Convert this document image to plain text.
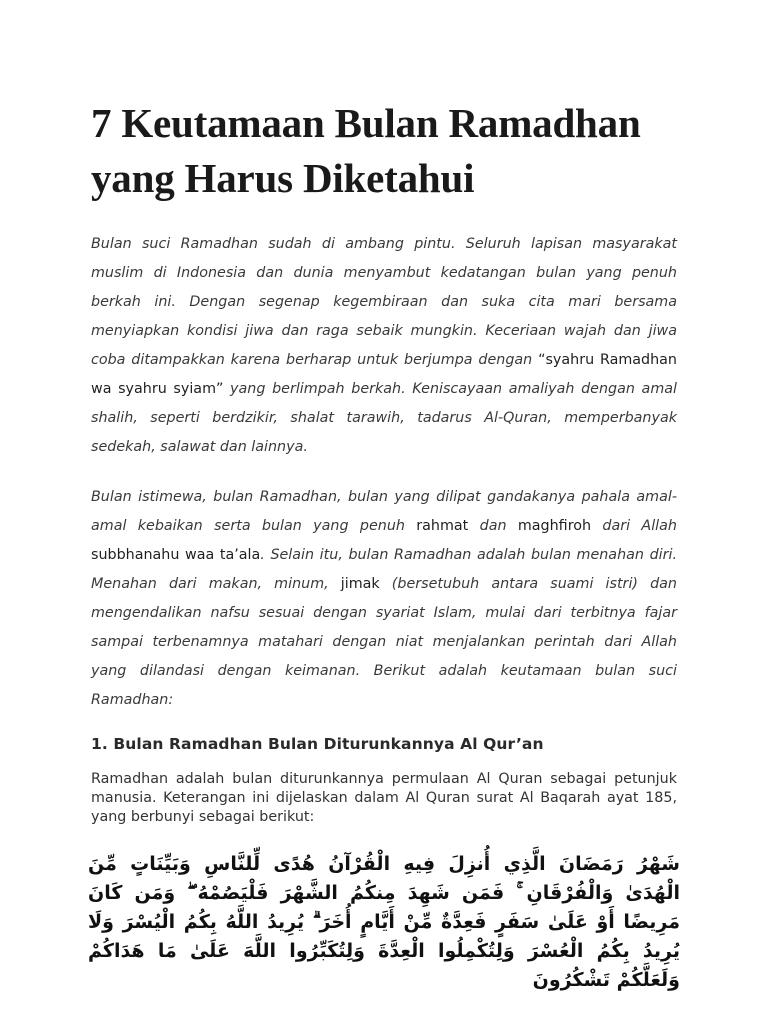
7 Keutamaan Bulan Ramadhan yang Harus Diketahui

Bulan suci Ramadhan sudah di ambang pintu. Seluruh lapisan masyarakat muslim di Indonesia dan dunia menyambut kedatangan bulan yang penuh berkah ini. Dengan segenap kegembiraan dan suka cita mari bersama menyiapkan kondisi jiwa dan raga sebaik mungkin. Keceriaan wajah dan jiwa coba ditampakkan karena berharap untuk berjumpa dengan “syahru Ramadhan wa syahru syiam” yang berlimpah berkah. Keniscayaan amaliyah dengan amal shalih, seperti berdzikir, shalat tarawih, tadarus Al-Quran, memperbanyak sedekah, salawat dan lainnya.

Bulan istimewa, bulan Ramadhan, bulan yang dilipat gandakanya pahala amal-amal kebaikan serta bulan yang penuh rahmat dan maghfiroh dari Allah subbhanahu waa ta’ala. Selain itu, bulan Ramadhan adalah bulan menahan diri. Menahan dari makan, minum, jimak (bersetubuh antara suami istri) dan mengendalikan nafsu sesuai dengan syariat Islam, mulai dari terbitnya fajar sampai terbenamnya matahari dengan niat menjalankan perintah dari Allah yang dilandasi dengan keimanan. Berikut adalah keutamaan bulan suci Ramadhan:

1. Bulan Ramadhan Bulan Diturunkannya Al Qur’an

Ramadhan adalah bulan diturunkannya permulaan Al Quran sebagai petunjuk manusia. Keterangan ini dijelaskan dalam Al Quran surat Al Baqarah ayat 185, yang berbunyi sebagai berikut:

شَهْرُ رَمَضَانَ الَّذِي أُنزِلَ فِيهِ الْقُرْآنُ هُدًى لِّلنَّاسِ وَبَيِّنَاتٍ مِّنَ الْهُدَىٰ وَالْفُرْقَانِ ۚ فَمَن شَهِدَ مِنكُمُ الشَّهْرَ فَلْيَصُمْهُ ۖ وَمَن كَانَ مَرِيضًا أَوْ عَلَىٰ سَفَرٍ فَعِدَّةٌ مِّنْ أَيَّامٍ أُخَرَ ۗ يُرِيدُ اللَّهُ بِكُمُ الْيُسْرَ وَلَا يُرِيدُ بِكُمُ الْعُسْرَ وَلِتُكْمِلُوا الْعِدَّةَ وَلِتُكَبِّرُوا اللَّهَ عَلَىٰ مَا هَدَاكُمْ وَلَعَلَّكُمْ تَشْكُرُونَ
